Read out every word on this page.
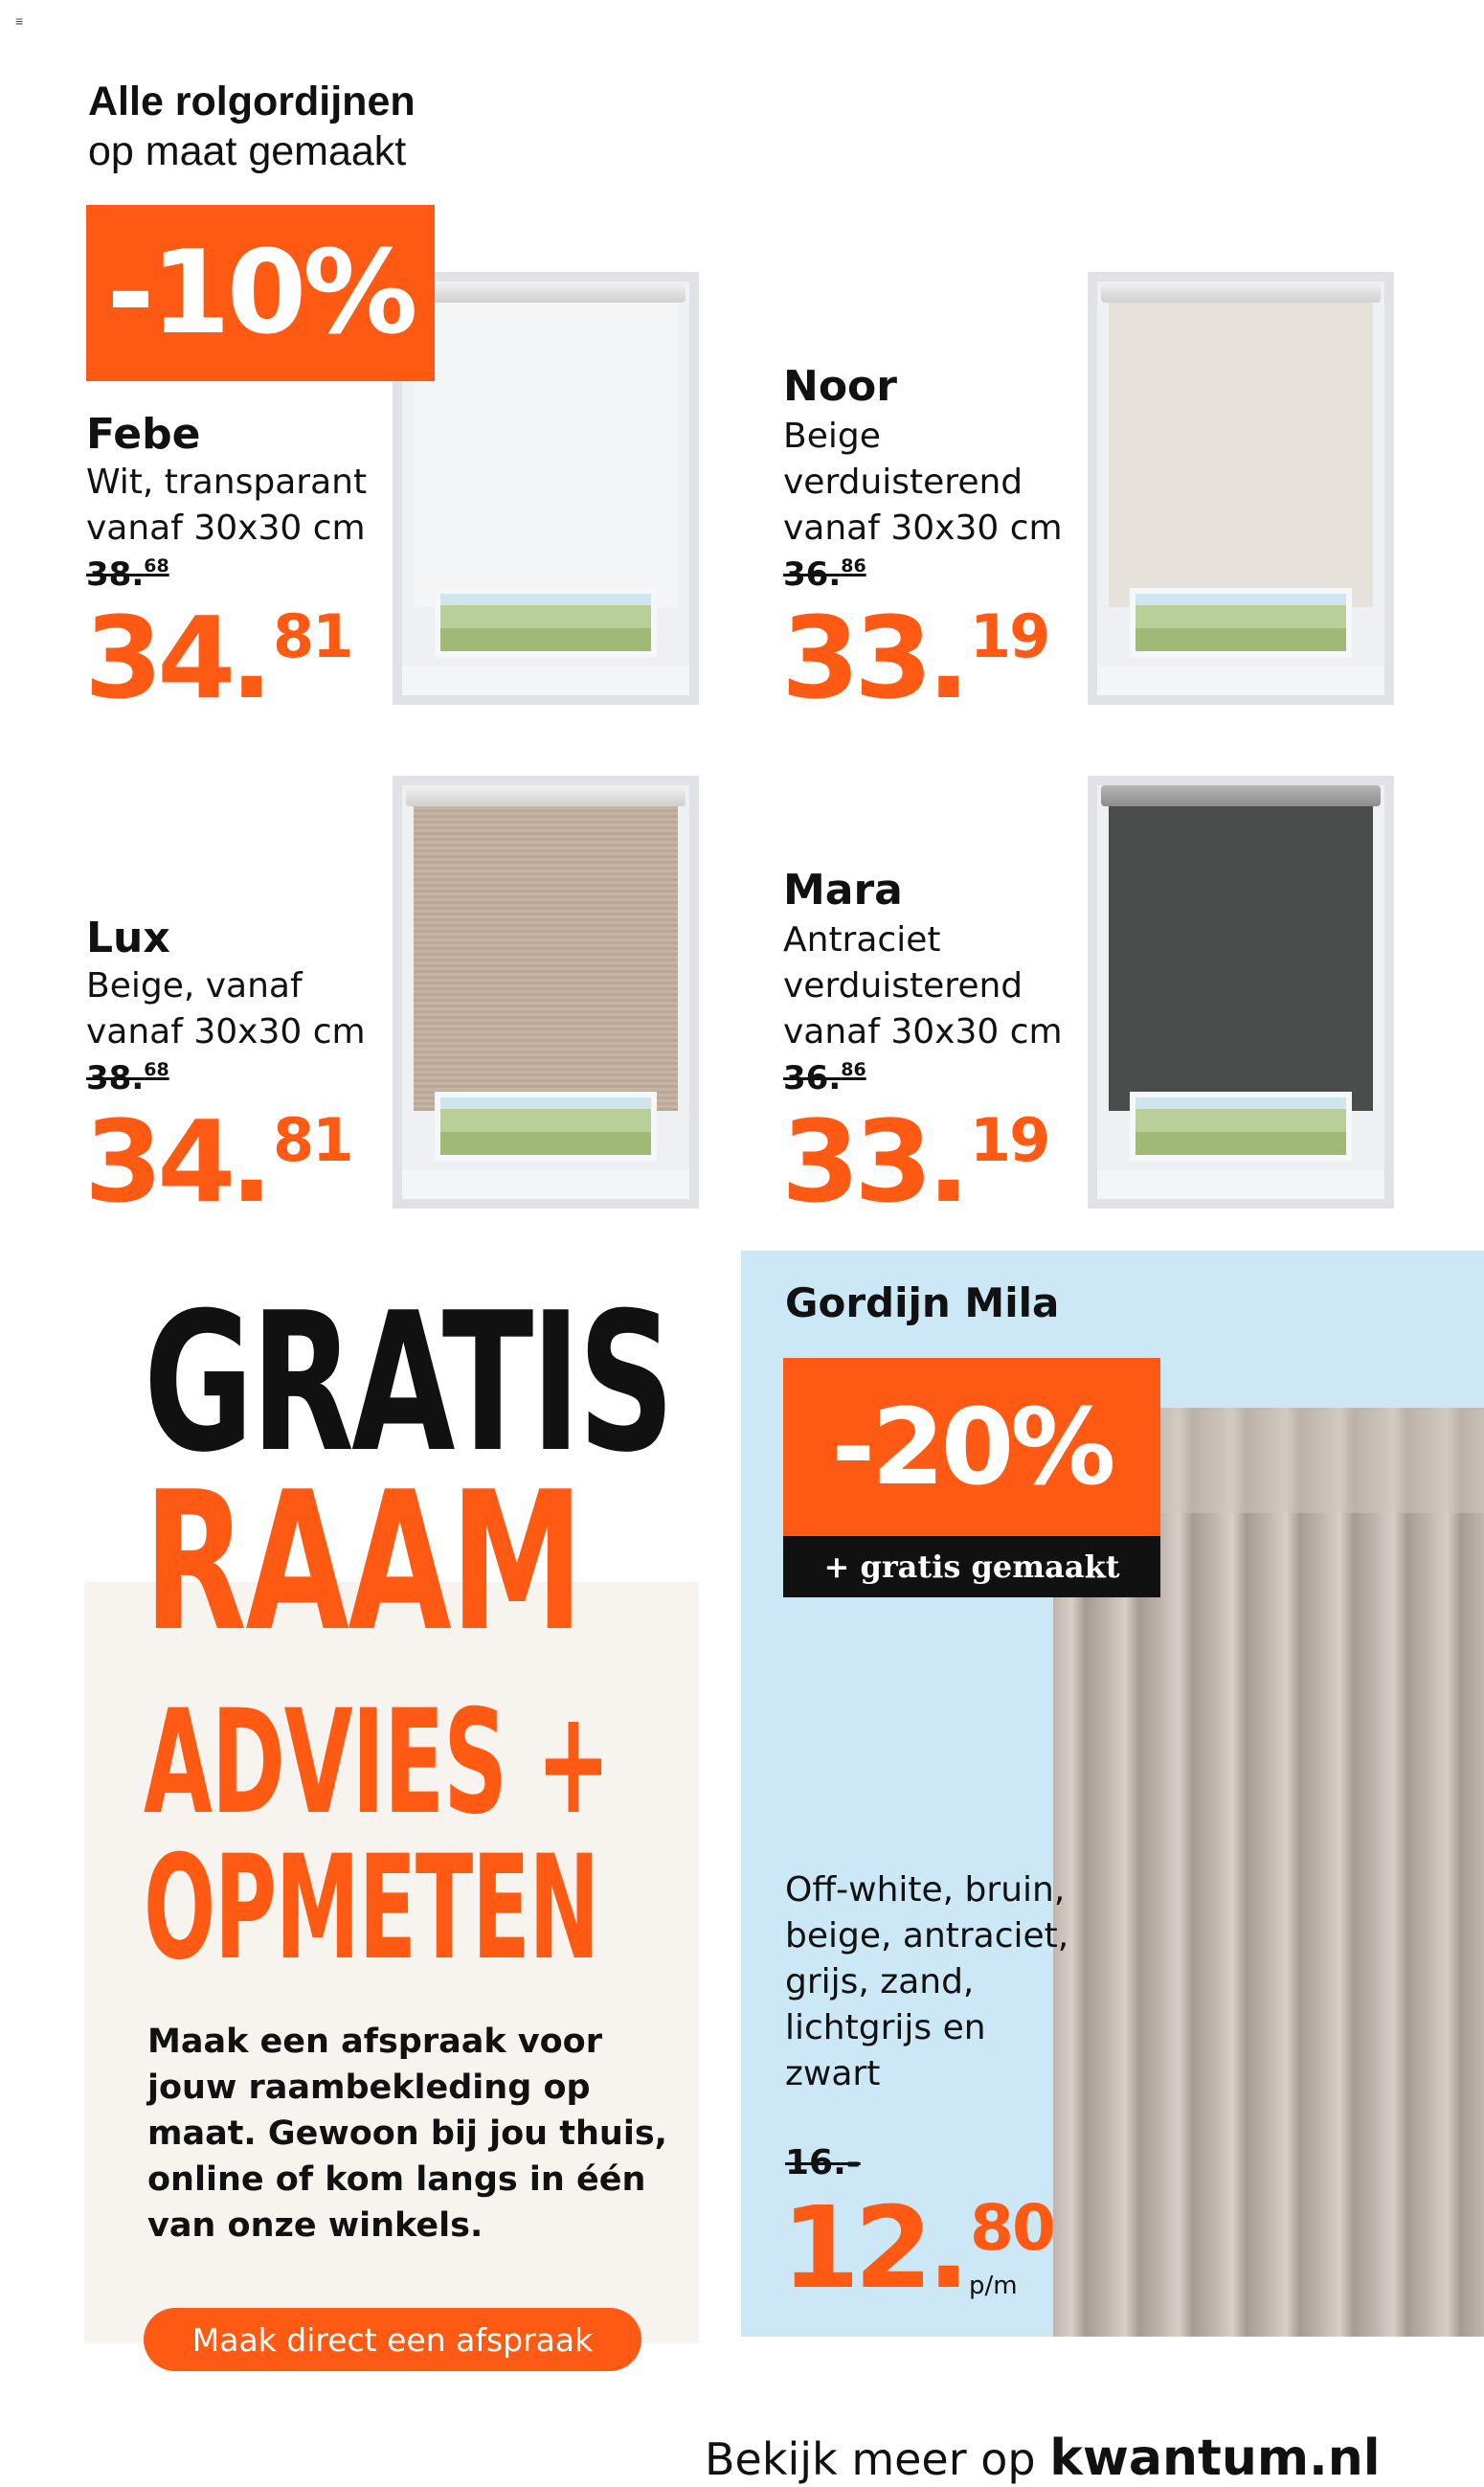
≡
Alle rolgordijnen
op maat gemaakt
-10%
Febe
Wit, transparant
vanaf 30x30 cm
38.68
34.81
Noor
Beige
verduisterend
vanaf 30x30 cm
36.86
33.19
Lux
Beige, vanaf
vanaf 30x30 cm
38.68
34.81
Mara
Antraciet
verduisterend
vanaf 30x30 cm
36.86
33.19
GRATIS
RAAM
ADVIES +
OPMETEN
Maak een afspraak voor jouw raambekleding op maat. Gewoon bij jou thuis, online of kom langs in één van onze winkels.
Maak direct een afspraak
Gordijn Mila
-20%
+ gratis gemaakt
Off-white, bruin, beige, antraciet, grijs, zand, lichtgrijs en zwart
16.-
12.80
p/m
Bekijk meer op kwantum.nl
